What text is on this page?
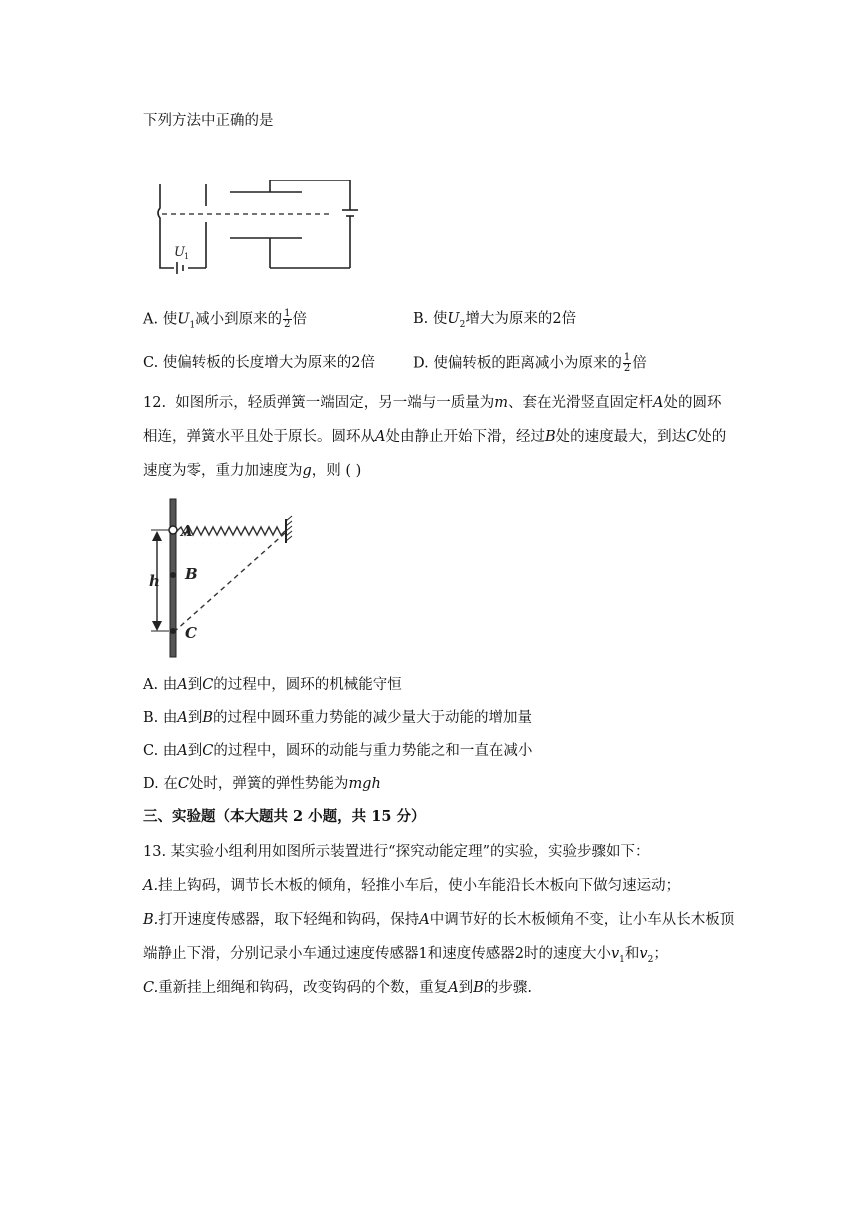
下列方法中正确的是
U 1
A. 使$U_1$减小到原来的 $\frac{1}{2}$ 倍	B. 使$U_2$增大为原来的2倍
C. 使偏转板的长度增大为原来的2倍	D. 使偏转板的距离减小为原来的 $\frac{1}{2}$ 倍
12. 如图所示，轻质弹簧一端固定，另一端与一质量为m、套在光滑竖直固定杆A处的圆环
相连，弹簧水平且处于原长。圆环从A处由静止开始下滑，经过B处的速度最大，到达C处的
速度为零，重力加速度为g，则 ( )
h
A
B
C
A. 由A到C的过程中，圆环的机械能守恒
B. 由A到B的过程中圆环重力势能的减少量大于动能的增加量
C. 由A到C的过程中，圆环的动能与重力势能之和一直在减小
D. 在C处时，弹簧的弹性势能为mgh
三、实验题（本大题共 2 小题，共 15 分）
13. 某实验小组利用如图所示装置进行“探究动能定理”的实验，实验步骤如下：
A.挂上钩码，调节长木板的倾角，轻推小车后，使小车能沿长木板向下做匀速运动；
B.打开速度传感器，取下轻绳和钩码，保持A中调节好的长木板倾角不变，让小车从长木板顶
端静止下滑，分别记录小车通过速度传感器1和速度传感器2时的速度大小$v_1$和$v_2$；
C.重新挂上细绳和钩码，改变钩码的个数，重复A到B的步骤.
